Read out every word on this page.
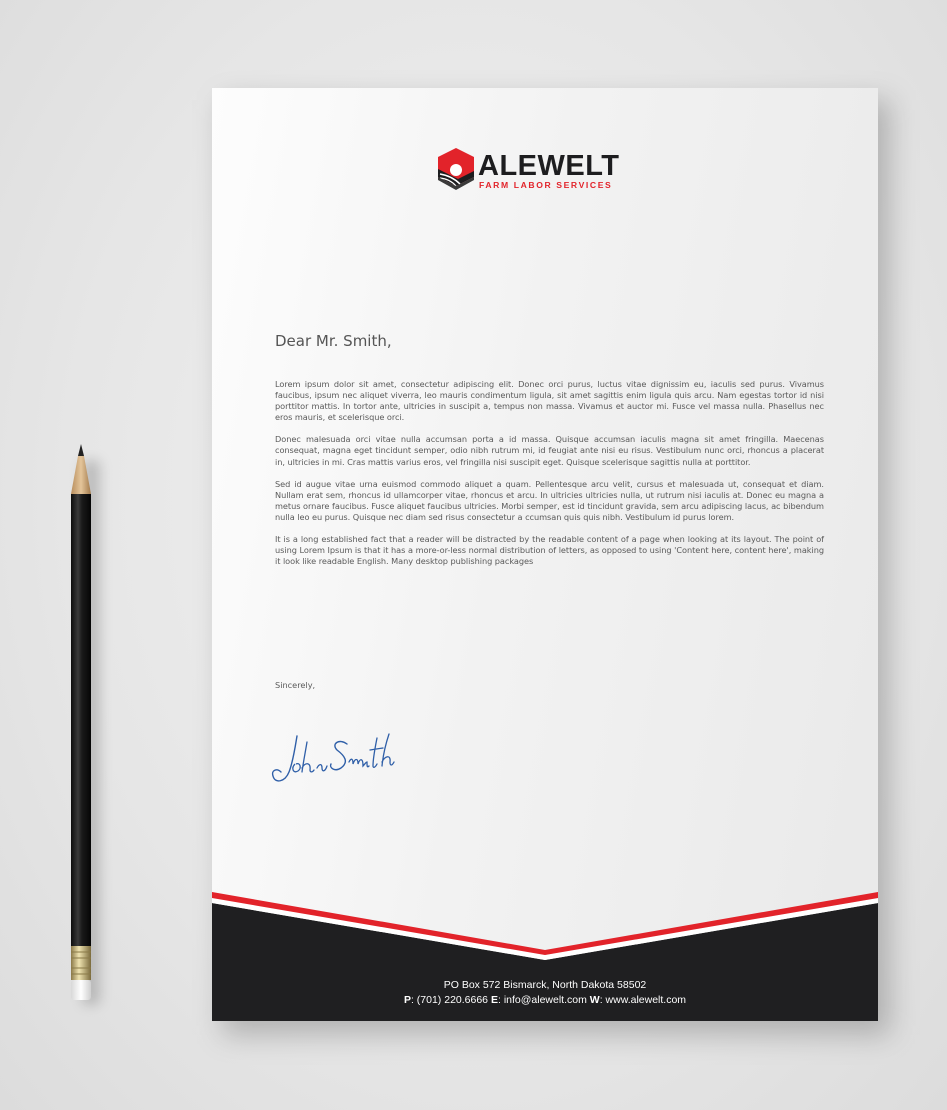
ALEWELT
FARM LABOR SERVICES
Dear Mr. Smith,

Lorem ipsum dolor sit amet, consectetur adipiscing elit. Donec orci purus, luctus vitae dignissim eu, iaculis sed purus. Vivamus faucibus, ipsum nec aliquet viverra, leo mauris condimentum ligula, sit amet sagittis enim ligula quis arcu. Nam egestas tortor id nisi porttitor mattis. In tortor ante, ultricies in suscipit a, tempus non massa. Vivamus et auctor mi. Fusce vel massa nulla. Phasellus nec eros mauris, et scelerisque orci.

Donec malesuada orci vitae nulla accumsan porta a id massa. Quisque accumsan iaculis magna sit amet fringilla. Maecenas consequat, magna eget tincidunt semper, odio nibh rutrum mi, id feugiat ante nisi eu risus. Vestibulum nunc orci, rhoncus a placerat in, ultricies in mi. Cras mattis varius eros, vel fringilla nisi suscipit eget. Quisque scelerisque sagittis nulla at porttitor.

Sed id augue vitae urna euismod commodo aliquet a quam. Pellentesque arcu velit, cursus et malesuada ut, consequat et diam. Nullam erat sem, rhoncus id ullamcorper vitae, rhoncus et arcu. In ultricies ultricies nulla, ut rutrum nisi iaculis at. Donec eu magna a metus ornare faucibus. Fusce aliquet faucibus ultricies. Morbi semper, est id tincidunt gravida, sem arcu adipiscing lacus, ac bibendum nulla leo eu purus. Quisque nec diam sed risus consectetur a ccumsan quis quis nibh. Vestibulum id purus lorem.

It is a long established fact that a reader will be distracted by the readable content of a page when looking at its layout. The point of using Lorem Ipsum is that it has a more-or-less normal distribution of letters, as opposed to using 'Content here, content here', making it look like readable English. Many desktop publishing packages

Sincerely,
PO Box 572 Bismarck, North Dakota 58502
P: (701) 220.6666 E: info@alewelt.com W: www.alewelt.com
